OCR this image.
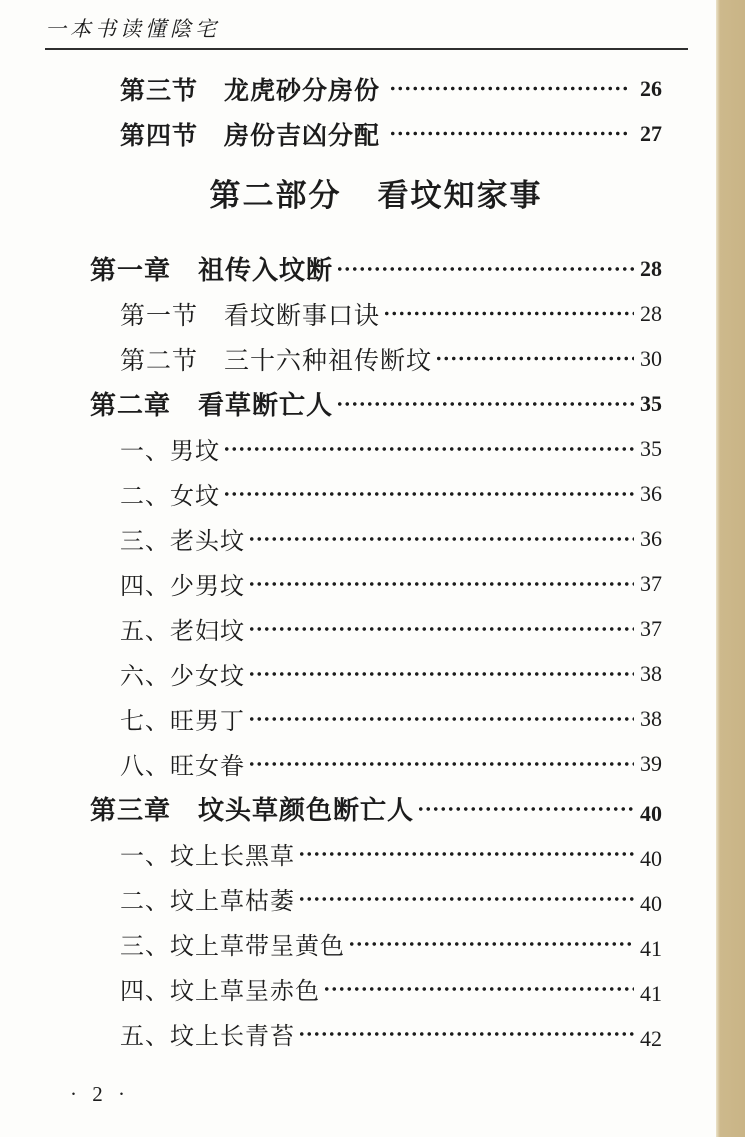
一本书读懂陰宅
第三节　龙虎砂分房份	26
第四节　房份吉凶分配	27
第二部分 看坟知家事
第一章　祖传入坟断	28
第一节　看坟断事口诀	28
第二节　三十六种祖传断坟	30
第二章　看草断亡人	35
一、男坟	35
二、女坟	36
三、老头坟	36
四、少男坟	37
五、老妇坟	37
六、少女坟	38
七、旺男丁	38
八、旺女眷	39
第三章　坟头草颜色断亡人	40
一、坟上长黑草	40
二、坟上草枯萎	40
三、坟上草带呈黄色	41
四、坟上草呈赤色	41
五、坟上长青苔	42
· 2 ·
